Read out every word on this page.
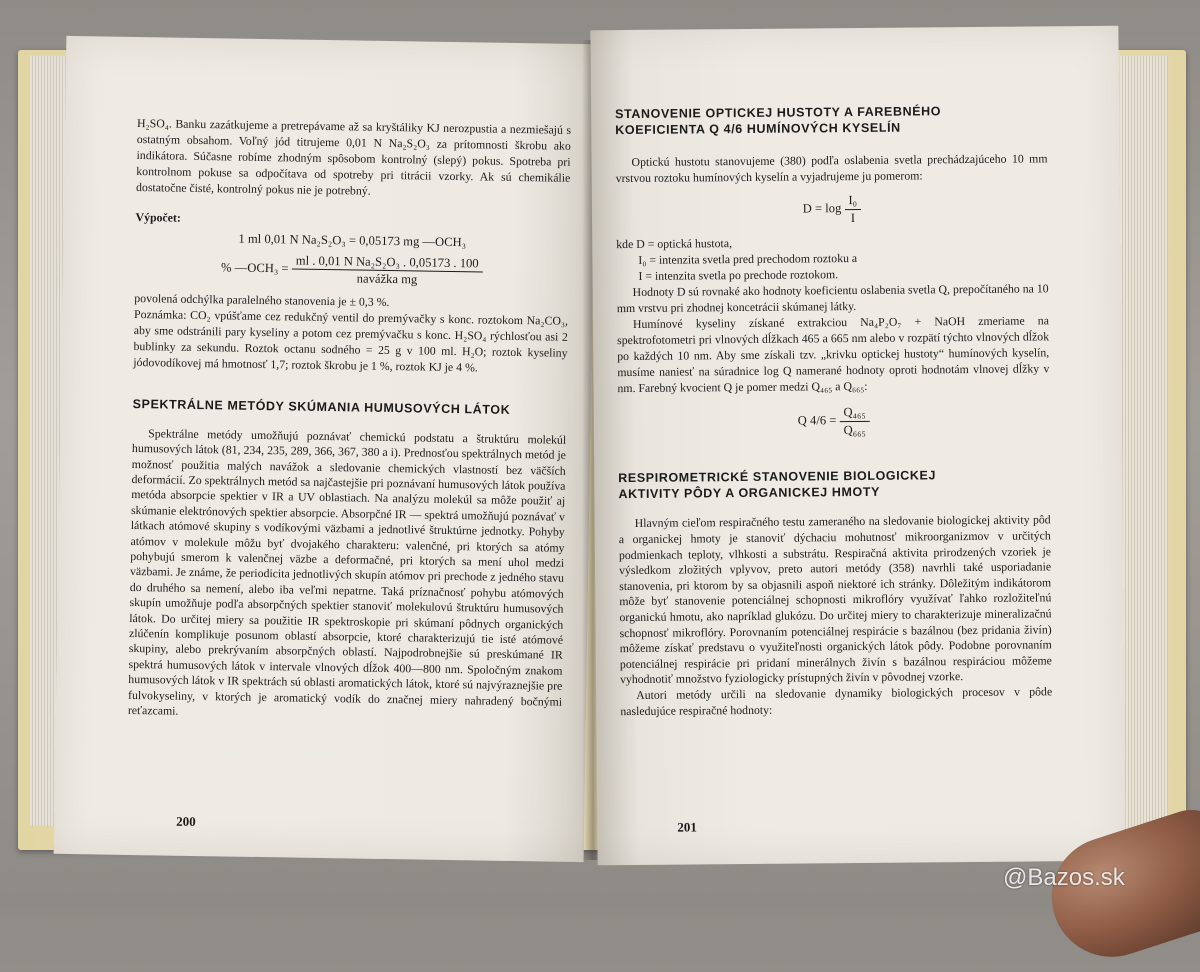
H₂SO₄. Banku zazátkujeme a pretrepávame až sa kryštáliky KJ nerozpustia a nezmiešajú s ostatným obsahom. Voľný jód titrujeme 0,01 N Na₂S₂O₃ za prítomnosti škrobu ako indikátora. Súčasne robíme zhodným spôsobom kontrolný (slepý) pokus. Spotreba pri kontrolnom pokuse sa odpočítava od spotreby pri titrácii vzorky. Ak sú chemikálie dostatočne čisté, kontrolný pokus nie je potrebný.

Výpočet:

1 ml 0,01 N Na₂S₂O₃ = 0,05173 mg —OCH₃
% —OCH₃ = $\frac{\text{ml . 0,01 N Na₂S₂O₃ . 0,05173 . 100}}{\text{navážka mg}}$

povolená odchýlka paralelného stanovenia je ± 0,3 %.

Poznámka: CO₂ vpúšťame cez redukčný ventil do premývačky s konc. roztokom Na₂CO₃, aby sme odstránili pary kyseliny a potom cez premývačku s konc. H₂SO₄ rýchlosťou asi 2 bublinky za sekundu. Roztok octanu sodného = 25 g v 100 ml. H₂O; roztok kyseliny jódovodíkovej má hmotnosť 1,7; roztok škrobu je 1 %, roztok KJ je 4 %.

SPEKTRÁLNE METÓDY SKÚMANIA HUMUSOVÝCH LÁTOK

Spektrálne metódy umožňujú poznávať chemickú podstatu a štruktúru molekúl humusových látok (81, 234, 235, 289, 366, 367, 380 a i). Prednosťou spektrálnych metód je možnosť použitia malých navážok a sledovanie chemických vlastností bez väčších deformácií. Zo spektrálnych metód sa najčastejšie pri poznávaní humusových látok používa metóda absorpcie spektier v IR a UV oblastiach. Na analýzu molekúl sa môže použiť aj skúmanie elektrónových spektier absorpcie. Absorpčné IR — spektrá umožňujú poznávať v látkach atómové skupiny s vodíkovými väzbami a jednotlivé štruktúrne jednotky. Pohyby atómov v molekule môžu byť dvojakého charakteru: valenčné, pri ktorých sa atómy pohybujú smerom k valenčnej väzbe a deformačné, pri ktorých sa mení uhol medzi väzbami. Je známe, že periodicita jednotlivých skupín atómov pri prechode z jedného stavu do druhého sa nemení, alebo iba veľmi nepatrne. Taká príznačnosť pohybu atómových skupín umožňuje podľa absorpčných spektier stanoviť molekulovú štruktúru humusových látok. Do určitej miery sa použitie IR spektroskopie pri skúmaní pôdnych organických zlúčenín komplikuje posunom oblastí absorpcie, ktoré charakterizujú tie isté atómové skupiny, alebo prekrývaním absorpčných oblastí. Najpodrobnejšie sú preskúmané IR spektrá humusových látok v intervale vlnových dĺžok 400—800 nm. Spoločným znakom humusových látok v IR spektrách sú oblasti aromatických látok, ktoré sú najvýraznejšie pre fulvokyseliny, v ktorých je aromatický vodík do značnej miery nahradený bočnými reťazcami.

200
STANOVENIE OPTICKEJ HUSTOTY A FAREBNÉHO
KOEFICIENTA Q 4/6 HUMÍNOVÝCH KYSELÍN

Optickú hustotu stanovujeme (380) podľa oslabenia svetla prechádzajúceho 10 mm vrstvou roztoku humínových kyselín a vyjadrujeme ju pomerom:

$D = \log \frac{\text{I₀}}{I}$
kde D = optická hustota,
I₀ = intenzita svetla pred prechodom roztoku a
I = intenzita svetla po prechode roztokom.

Hodnoty D sú rovnaké ako hodnoty koeficientu oslabenia svetla Q, prepočítaného na 10 mm vrstvu pri zhodnej koncetrácii skúmanej látky.

Humínové kyseliny získané extrakciou Na₄P₂O₇ + NaOH zmeriame na spektrofotometri pri vlnových dĺžkach 465 a 665 nm alebo v rozpätí týchto vlnových dĺžok po každých 10 nm. Aby sme získali tzv. „krivku optickej hustoty“ humínových kyselín, musíme naniesť na súradnice log Q namerané hodnoty oproti hodnotám vlnovej dĺžky v nm. Farebný kvocient Q je pomer medzi Q₄₆₅ a Q₆₆₅:

Q $4/6 = \frac{\text{Q₄₆₅}}{\text{Q₆₆₅}}$
RESPIROMETRICKÉ STANOVENIE BIOLOGICKEJ
AKTIVITY PÔDY A ORGANICKEJ HMOTY

Hlavným cieľom respiračného testu zameraného na sledovanie biologickej aktivity pôd a organickej hmoty je stanoviť dýchaciu mohutnosť mikroorganizmov v určitých podmienkach teploty, vlhkosti a substrátu. Respiračná aktivita prirodzených vzoriek je výsledkom zložitých vplyvov, preto autori metódy (358) navrhli také usporiadanie stanovenia, pri ktorom by sa objasnili aspoň niektoré ich stránky. Dôležitým indikátorom môže byť stanovenie potenciálnej schopnosti mikroflóry využívať ľahko rozložiteľnú organickú hmotu, ako napríklad glukózu. Do určitej miery to charakterizuje mineralizačnú schopnosť mikroflóry. Porovnaním potenciálnej respirácie s bazálnou (bez pridania živín) môžeme získať predstavu o využiteľnosti organických látok pôdy. Podobne porovnaním potenciálnej respirácie pri pridaní minerálnych živín s bazálnou respiráciou môžeme vyhodnotiť množstvo fyziologicky prístupných živín v pôvodnej vzorke.

Autori metódy určili na sledovanie dynamiky biologických procesov v pôde nasledujúce respiračné hodnoty:

201
@Bazos.sk
